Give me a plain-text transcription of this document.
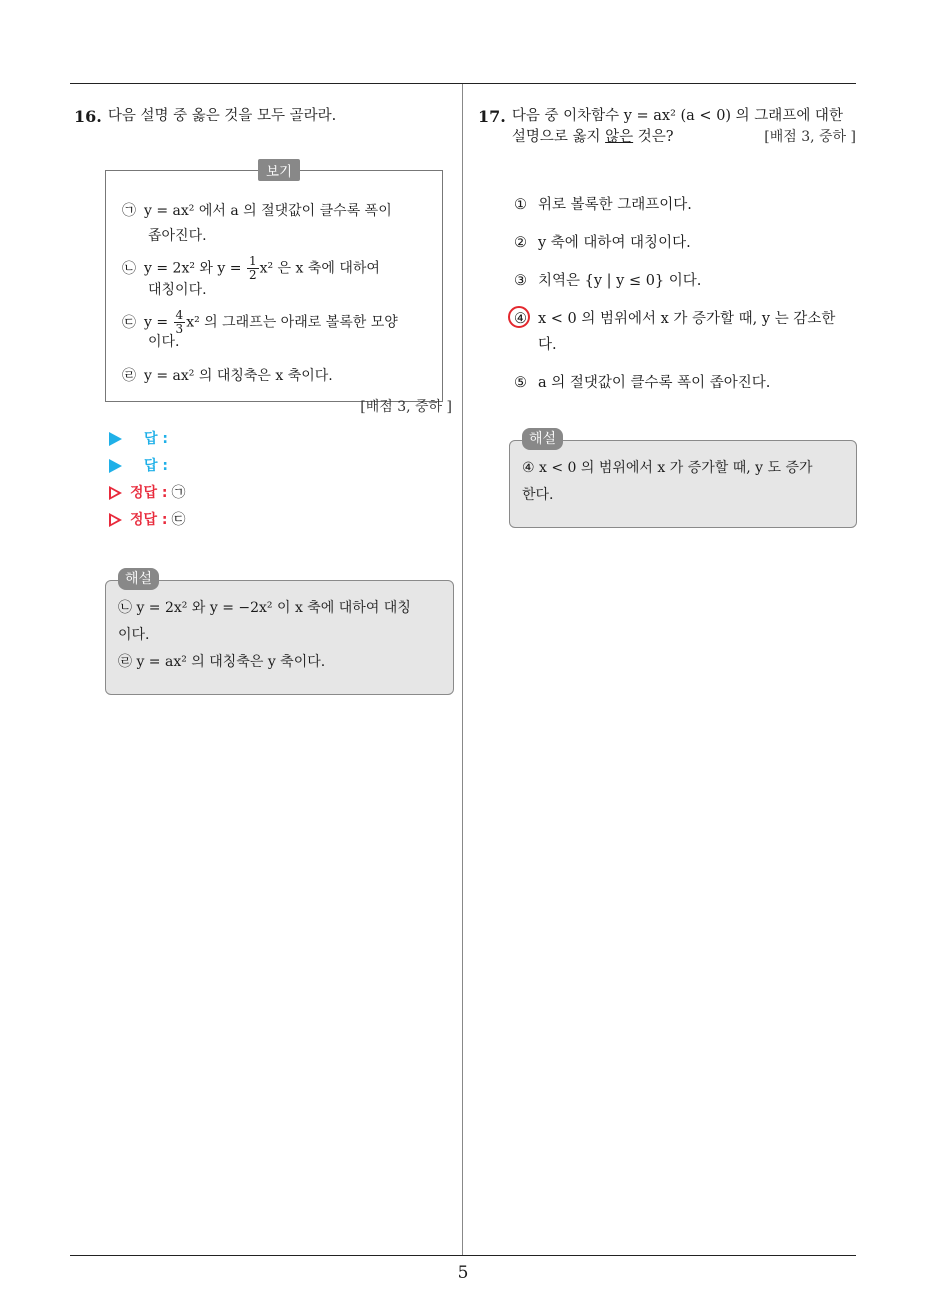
5
16. 다음 설명 중 옳은 것을 모두 골라라.
보기
㉠ y = ax² 에서 a 의 절댓값이 클수록 폭이
좁아진다.
㉡ y = 2x² 와 $y = \frac{1}{2} x^2$ 은 x 축에 대하여
대칭이다.
㉢ $y = \frac{4}{3} x^2$ 의 그래프는 아래로 볼록한 모양
이다.
㉣ y = ax² 의 대칭축은 x 축이다.
[배점 3, 중하 ]
답 :
답 :
정답 : ㉠
정답 : ㉢
해설
㉡ y = 2x² 와 y = −2x² 이 x 축에 대하여 대칭
이다.
㉣ y = ax² 의 대칭축은 y 축이다.
17. 다음 중 이차함수 y = ax² (a < 0) 의 그래프에 대한
설명으로 옳지 않은 것은?	[배점 3, 중하 ]
① 위로 볼록한 그래프이다.
② y 축에 대하여 대칭이다.
③ 치역은 {y | y ≤ 0} 이다.
④ x < 0 의 범위에서 x 가 증가할 때, y 는 감소한
다.
⑤ a 의 절댓값이 클수록 폭이 좁아진다.
해설
④ x < 0 의 범위에서 x 가 증가할 때, y 도 증가
한다.
